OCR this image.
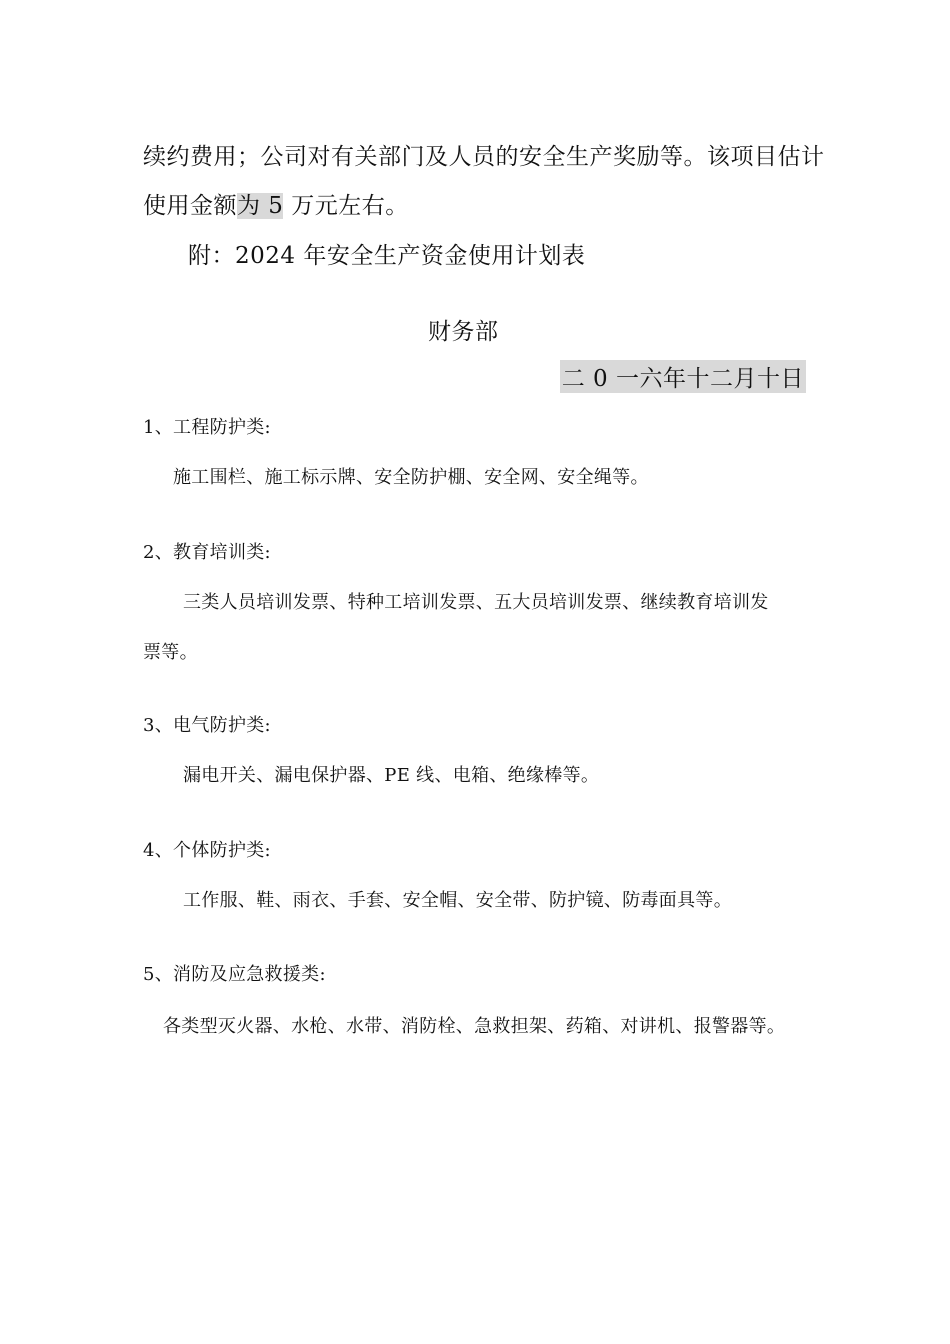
续约费用；公司对有关部门及人员的安全生产奖励等。该项目估计
使用金额为 5 万元左右。
附：2024 年安全生产资金使用计划表
财务部
二 0 一六年十二月十日
1、工程防护类:
施工围栏、施工标示牌、安全防护棚、安全网、安全绳等。
2、教育培训类:
三类人员培训发票、特种工培训发票、五大员培训发票、继续教育培训发
票等。
3、电气防护类:
漏电开关、漏电保护器、PE 线、电箱、绝缘棒等。
4、个体防护类:
工作服、鞋、雨衣、手套、安全帽、安全带、防护镜、防毒面具等。
5、消防及应急救援类:
各类型灭火器、水枪、水带、消防栓、急救担架、药箱、对讲机、报警器等。
